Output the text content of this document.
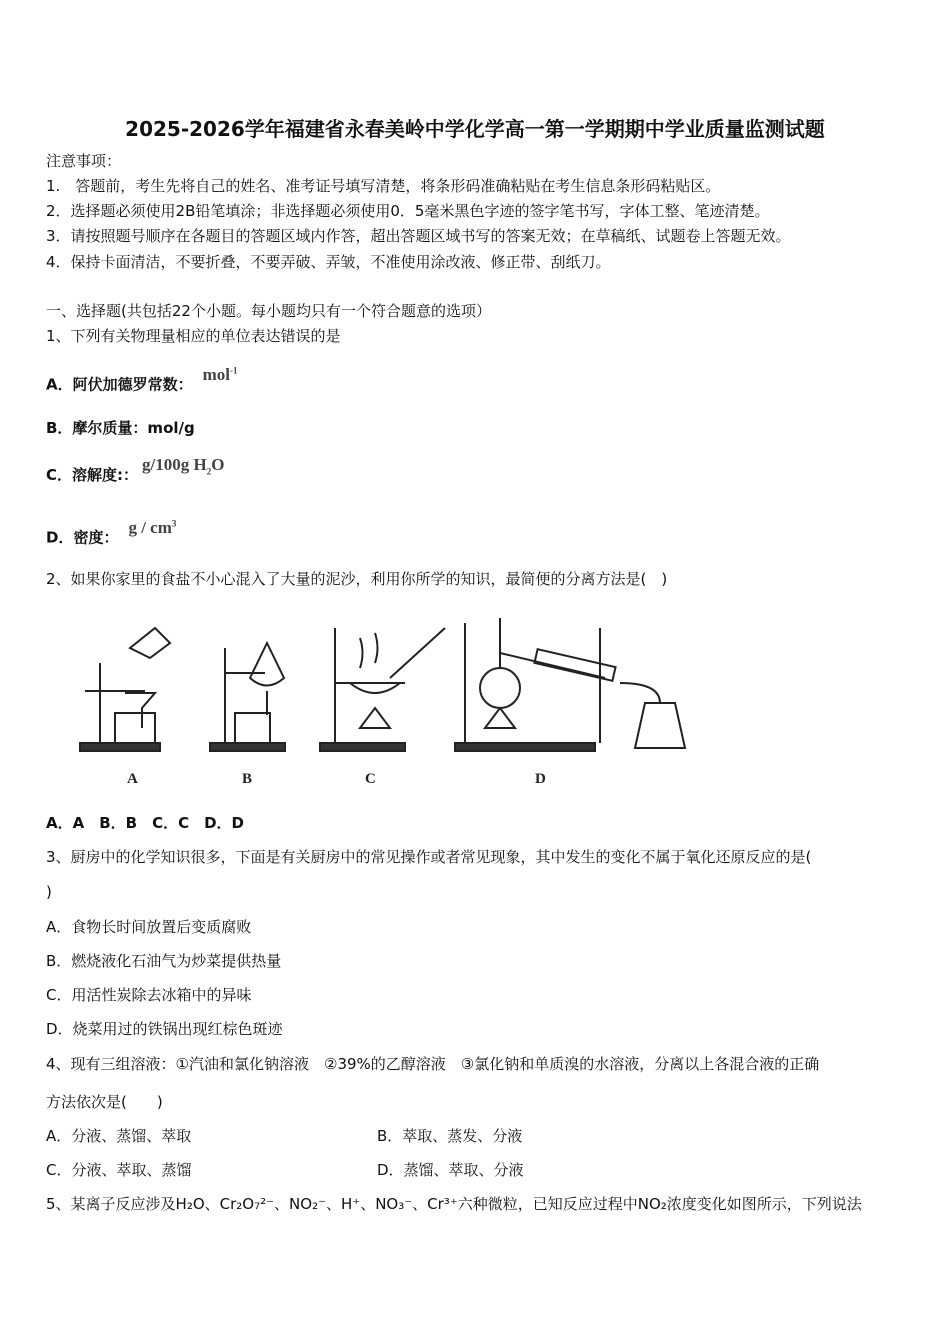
2025-2026学年福建省永春美岭中学化学高一第一学期期中学业质量监测试题
注意事项：
1.　答题前，考生先将自己的姓名、准考证号填写清楚，将条形码准确粘贴在考生信息条形码粘贴区。
2．选择题必须使用2B铅笔填涂；非选择题必须使用0．5毫米黑色字迹的签字笔书写，字体工整、笔迹清楚。
3．请按照题号顺序在各题目的答题区域内作答，超出答题区域书写的答案无效；在草稿纸、试题卷上答题无效。
4．保持卡面清洁，不要折叠，不要弄破、弄皱，不准使用涂改液、修正带、刮纸刀。
一、选择题(共包括22个小题。每小题均只有一个符合题意的选项）
1、下列有关物理量相应的单位表达错误的是
A．阿伏加德罗常数：mol$^{-1}$
B．摩尔质量：mol/g
C．溶解度:：g/100g $H_2O$
D．密度：g / $cm^3$
2、如果你家里的食盐不小心混入了大量的泥沙，利用你所学的知识，最简便的分离方法是(　)
A	B	C	D
A．A　B．B　C．C　D．D
3、厨房中的化学知识很多，下面是有关厨房中的常见操作或者常见现象，其中发生的变化不属于氧化还原反应的是(
)
A．食物长时间放置后变质腐败
B．燃烧液化石油气为炒菜提供热量
C．用活性炭除去冰箱中的异味
D．烧菜用过的铁锅出现红棕色斑迹
4、现有三组溶液：①汽油和氯化钠溶液　②39%的乙醇溶液　③氯化钠和单质溴的水溶液，分离以上各混合液的正确
方法依次是(　　)
A．分液、蒸馏、萃取	B．萃取、蒸发、分液
C．分液、萃取、蒸馏	D．蒸馏、萃取、分液
5、某离子反应涉及H₂O、Cr₂O₇²⁻、NO₂⁻、H⁺、NO₃⁻、Cr³⁺六种微粒，已知反应过程中NO₂浓度变化如图所示，下列说法
